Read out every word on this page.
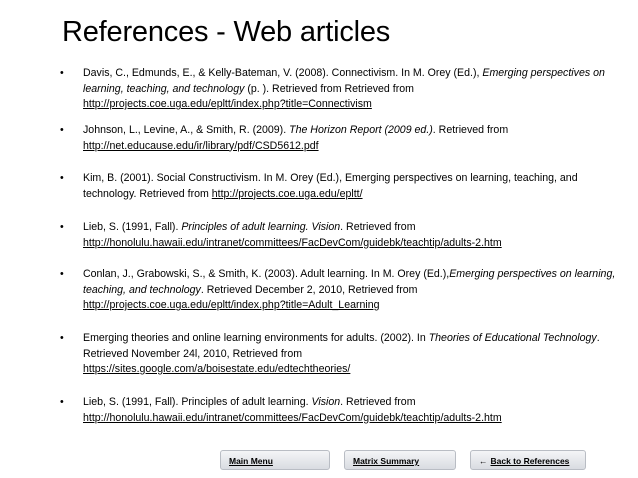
References - Web articles
•	Davis, C., Edmunds, E., & Kelly-Bateman, V. (2008). Connectivism. In M. Orey (Ed.), Emerging perspectives on learning, teaching, and technology (p. ). Retrieved from Retrieved from
http://projects.coe.uga.edu/epltt/index.php?title=Connectivism
•	Johnson, L., Levine, A., & Smith, R. (2009). The Horizon Report (2009 ed.). Retrieved from
http://net.educause.edu/ir/library/pdf/CSD5612.pdf
•	Kim, B. (2001). Social Constructivism. In M. Orey (Ed.), Emerging perspectives on learning, teaching, and technology. Retrieved from http://projects.coe.uga.edu/epltt/
•	Lieb, S. (1991, Fall). Principles of adult learning. Vision. Retrieved from
http://honolulu.hawaii.edu/intranet/committees/FacDevCom/guidebk/teachtip/adults-2.htm
•	Conlan, J., Grabowski, S., & Smith, K. (2003). Adult learning. In M. Orey (Ed.),Emerging perspectives on learning, teaching, and technology. Retrieved December 2, 2010, Retrieved from
http://projects.coe.uga.edu/epltt/index.php?title=Adult_Learning
•	Emerging theories and online learning environments for adults. (2002). In Theories of Educational Technology. Retrieved November 24l, 2010, Retrieved from
https://sites.google.com/a/boisestate.edu/edtechtheories/
•	Lieb, S. (1991, Fall). Principles of adult learning. Vision. Retrieved from
http://honolulu.hawaii.edu/intranet/committees/FacDevCom/guidebk/teachtip/adults-2.htm
Main Menu	Matrix Summary	← Back to References
